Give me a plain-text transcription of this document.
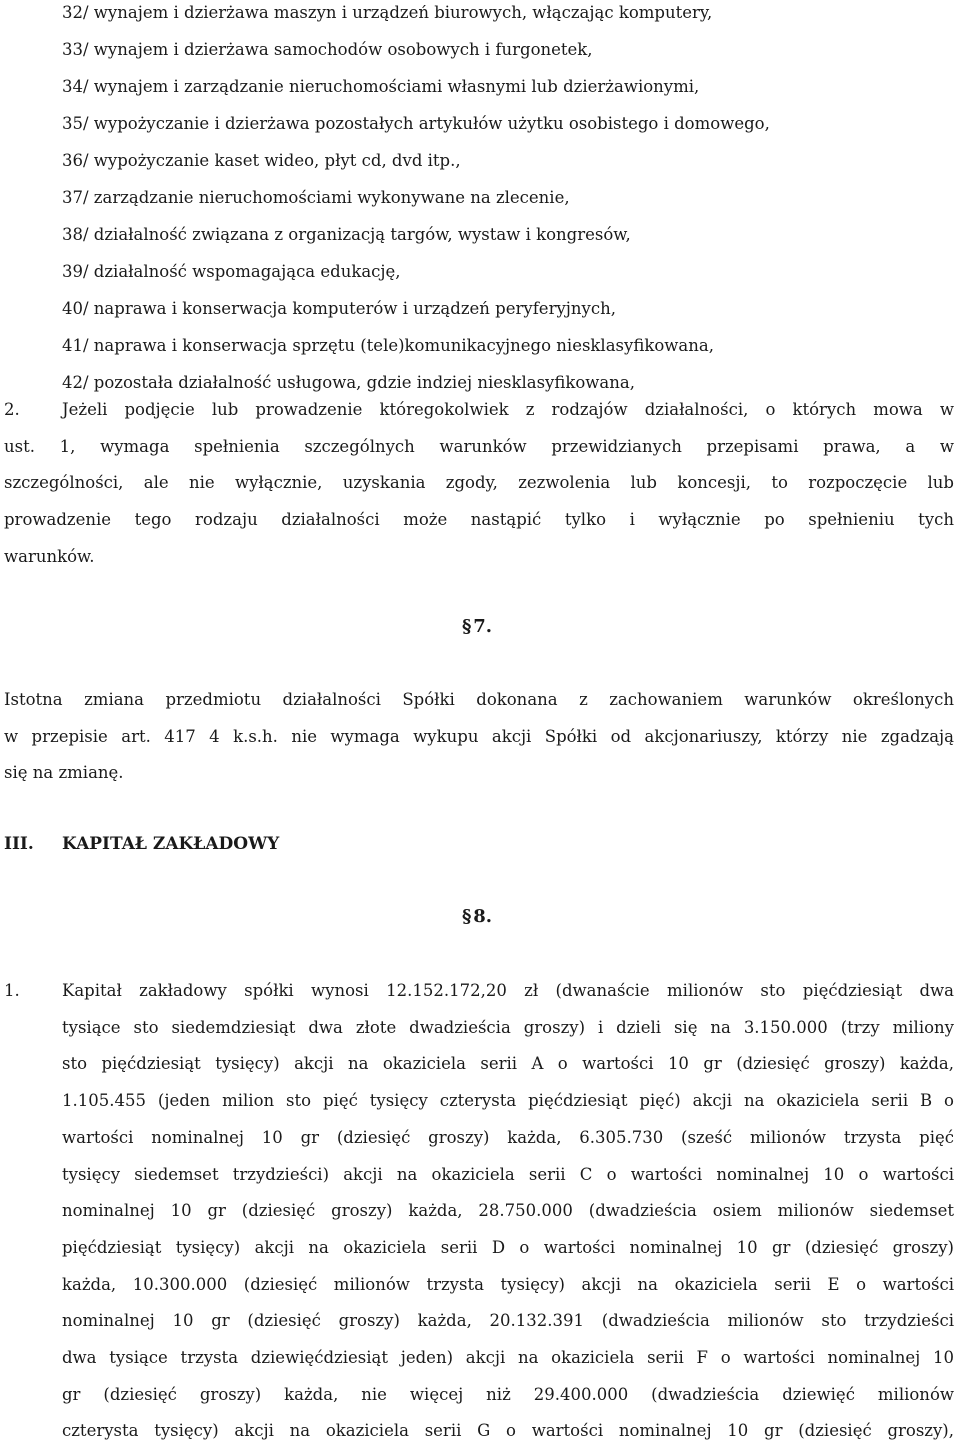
32/ wynajem i dzierżawa maszyn i urządzeń biurowych, włączając komputery,
33/ wynajem i dzierżawa samochodów osobowych i furgonetek,
34/ wynajem i zarządzanie nieruchomościami własnymi lub dzierżawionymi,
35/ wypożyczanie i dzierżawa pozostałych artykułów użytku osobistego i domowego,
36/ wypożyczanie kaset wideo, płyt cd, dvd itp.,
37/ zarządzanie nieruchomościami wykonywane na zlecenie,
38/ działalność związana z organizacją targów, wystaw i kongresów,
39/ działalność wspomagająca edukację,
40/ naprawa i konserwacja komputerów i urządzeń peryferyjnych,
41/ naprawa i konserwacja sprzętu (tele)komunikacyjnego niesklasyfikowana,
42/ pozostała działalność usługowa, gdzie indziej niesklasyfikowana,
2.	Jeżeli podjęcie lub prowadzenie któregokolwiek z rodzajów działalności, o których mowa w
ust. 1, wymaga spełnienia szczególnych warunków przewidzianych przepisami prawa, a w
szczególności, ale nie wyłącznie, uzyskania zgody, zezwolenia lub koncesji, to rozpoczęcie lub
prowadzenie tego rodzaju działalności może nastąpić tylko i wyłącznie po spełnieniu tych
warunków.
§ 7.
Istotna zmiana przedmiotu działalności Spółki dokonana z zachowaniem warunków określonych
w przepisie art. 417 4 k.s.h. nie wymaga wykupu akcji Spółki od akcjonariuszy, którzy nie zgadzają
się na zmianę.
III. KAPITAŁ ZAKŁADOWY
§ 8.
1.	Kapitał zakładowy spółki wynosi 12.152.172,20 zł (dwanaście milionów sto pięćdziesiąt dwa
tysiące sto siedemdziesiąt dwa złote dwadzieścia groszy) i dzieli się na 3.150.000 (trzy miliony
sto pięćdziesiąt tysięcy) akcji na okaziciela serii A o wartości 10 gr (dziesięć groszy) każda,
1.105.455 (jeden milion sto pięć tysięcy czterysta pięćdziesiąt pięć) akcji na okaziciela serii B o
wartości nominalnej 10 gr (dziesięć groszy) każda, 6.305.730 (sześć milionów trzysta pięć
tysięcy siedemset trzydzieści) akcji na okaziciela serii C o wartości nominalnej 10 o wartości
nominalnej 10 gr (dziesięć groszy) każda, 28.750.000 (dwadzieścia osiem milionów siedemset
pięćdziesiąt tysięcy) akcji na okaziciela serii D o wartości nominalnej 10 gr (dziesięć groszy)
każda, 10.300.000 (dziesięć milionów trzysta tysięcy) akcji na okaziciela serii E o wartości
nominalnej 10 gr (dziesięć groszy) każda, 20.132.391 (dwadzieścia milionów sto trzydzieści
dwa tysiące trzysta dziewięćdziesiąt jeden) akcji na okaziciela serii F o wartości nominalnej 10
gr (dziesięć groszy) każda, nie więcej niż 29.400.000 (dwadzieścia dziewięć milionów
czterysta tysięcy) akcji na okaziciela serii G o wartości nominalnej 10 gr (dziesięć groszy),
